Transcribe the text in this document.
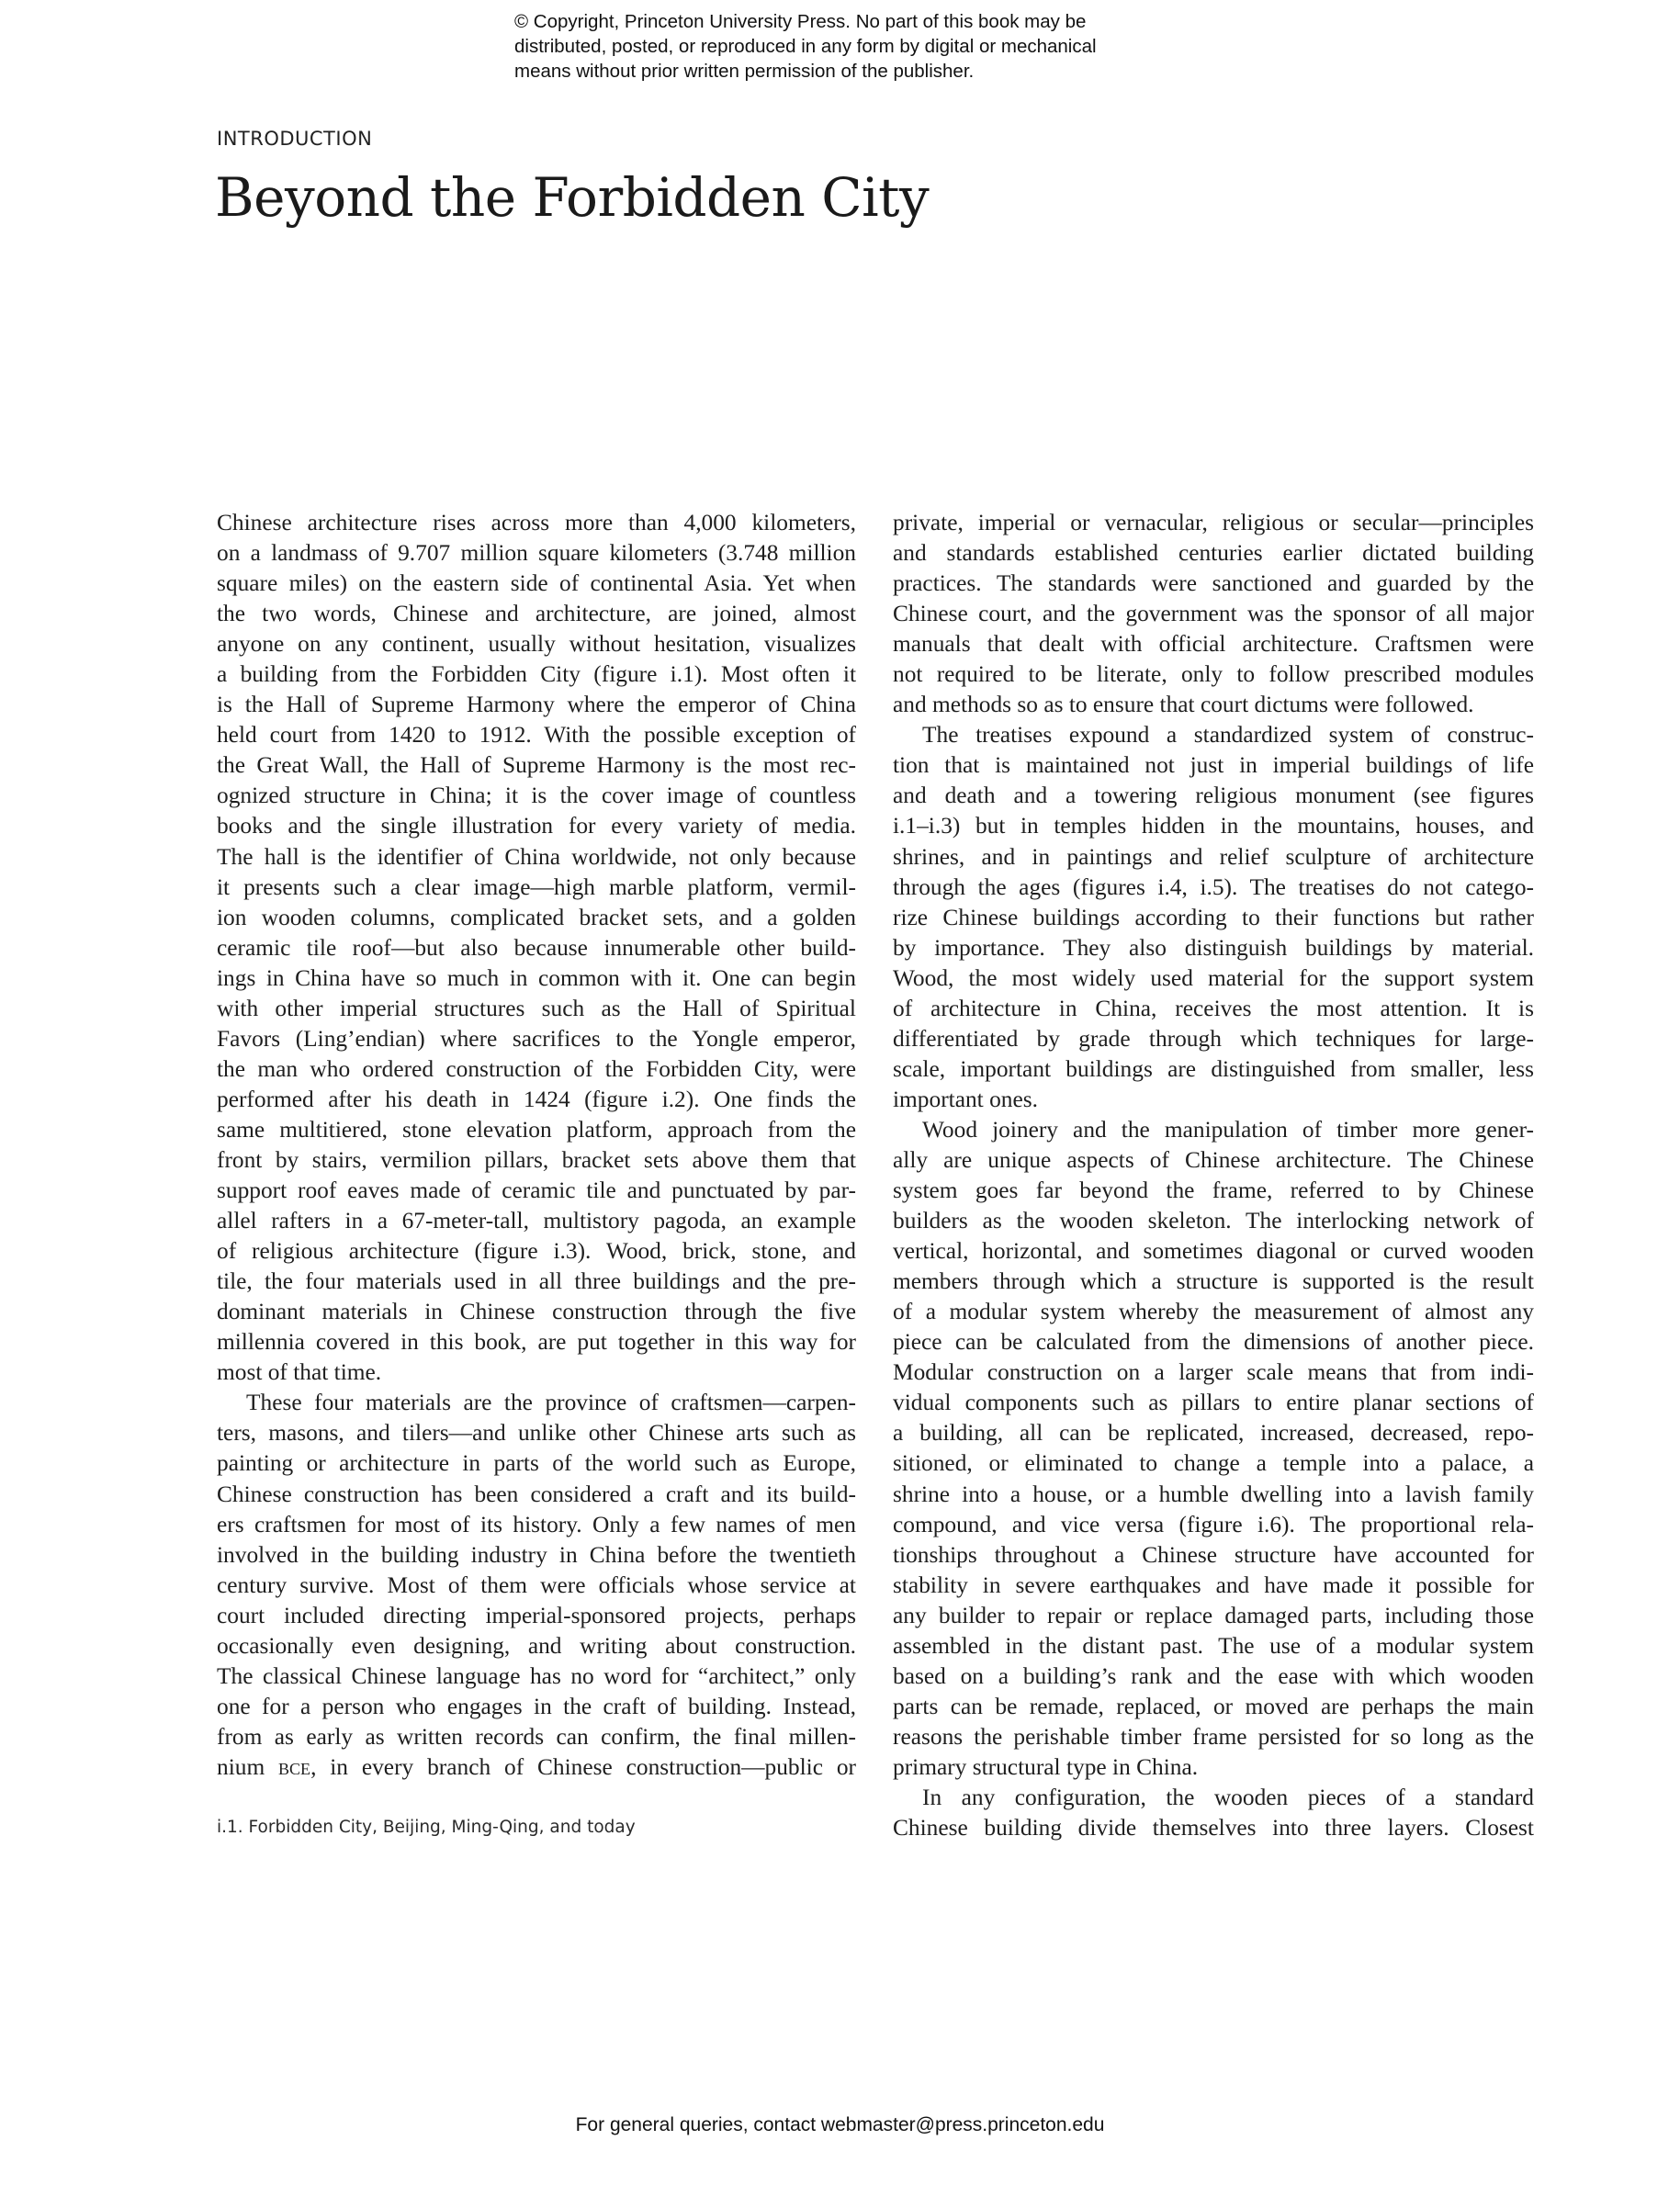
© Copyright, Princeton University Press. No part of this book may be
distributed, posted, or reproduced in any form by digital or mechanical
means without prior written permission of the publisher.

INTRODUCTION

Beyond the Forbidden City
Chinese architecture rises across more than 4,000 kilometers,
on a landmass of 9.707 million square kilometers (3.748 million
square miles) on the eastern side of continental Asia. Yet when
the two words, Chinese and architecture, are joined, almost
anyone on any continent, usually without hesitation, visualizes
a building from the Forbidden City (figure i.1). Most often it
is the Hall of Supreme Harmony where the emperor of China
held court from 1420 to 1912. With the possible exception of
the Great Wall, the Hall of Supreme Harmony is the most rec-
ognized structure in China; it is the cover image of countless
books and the single illustration for every variety of media.
The hall is the identifier of China worldwide, not only because
it presents such a clear image—high marble platform, vermil-
ion wooden columns, complicated bracket sets, and a golden
ceramic tile roof—but also because innumerable other build-
ings in China have so much in common with it. One can begin
with other imperial structures such as the Hall of Spiritual
Favors (Ling’endian) where sacrifices to the Yongle emperor,
the man who ordered construction of the Forbidden City, were
performed after his death in 1424 (figure i.2). One finds the
same multitiered, stone elevation platform, approach from the
front by stairs, vermilion pillars, bracket sets above them that
support roof eaves made of ceramic tile and punctuated by par-
allel rafters in a 67-meter-tall, multistory pagoda, an example
of religious architecture (figure i.3). Wood, brick, stone, and
tile, the four materials used in all three buildings and the pre-
dominant materials in Chinese construction through the five
millennia covered in this book, are put together in this way for
most of that time.
These four materials are the province of craftsmen—carpen-
ters, masons, and tilers—and unlike other Chinese arts such as
painting or architecture in parts of the world such as Europe,
Chinese construction has been considered a craft and its build-
ers craftsmen for most of its history. Only a few names of men
involved in the building industry in China before the twentieth
century survive. Most of them were officials whose service at
court included directing imperial-sponsored projects, perhaps
occasionally even designing, and writing about construction.
The classical Chinese language has no word for “architect,” only
one for a person who engages in the craft of building. Instead,
from as early as written records can confirm, the final millen-
nium bce, in every branch of Chinese construction—public or
private, imperial or vernacular, religious or secular—principles
and standards established centuries earlier dictated building
practices. The standards were sanctioned and guarded by the
Chinese court, and the government was the sponsor of all major
manuals that dealt with official architecture. Craftsmen were
not required to be literate, only to follow prescribed modules
and methods so as to ensure that court dictums were followed.
The treatises expound a standardized system of construc-
tion that is maintained not just in imperial buildings of life
and death and a towering religious monument (see figures
i.1–i.3) but in temples hidden in the mountains, houses, and
shrines, and in paintings and relief sculpture of architecture
through the ages (figures i.4, i.5). The treatises do not catego-
rize Chinese buildings according to their functions but rather
by importance. They also distinguish buildings by material.
Wood, the most widely used material for the support system
of architecture in China, receives the most attention. It is
differentiated by grade through which techniques for large-
scale, important buildings are distinguished from smaller, less
important ones.
Wood joinery and the manipulation of timber more gener-
ally are unique aspects of Chinese architecture. The Chinese
system goes far beyond the frame, referred to by Chinese
builders as the wooden skeleton. The interlocking network of
vertical, horizontal, and sometimes diagonal or curved wooden
members through which a structure is supported is the result
of a modular system whereby the measurement of almost any
piece can be calculated from the dimensions of another piece.
Modular construction on a larger scale means that from indi-
vidual components such as pillars to entire planar sections of
a building, all can be replicated, increased, decreased, repo-
sitioned, or eliminated to change a temple into a palace, a
shrine into a house, or a humble dwelling into a lavish family
compound, and vice versa (figure i.6). The proportional rela-
tionships throughout a Chinese structure have accounted for
stability in severe earthquakes and have made it possible for
any builder to repair or replace damaged parts, including those
assembled in the distant past. The use of a modular system
based on a building’s rank and the ease with which wooden
parts can be remade, replaced, or moved are perhaps the main
reasons the perishable timber frame persisted for so long as the
primary structural type in China.
In any configuration, the wooden pieces of a standard
Chinese building divide themselves into three layers. Closest

i.1. Forbidden City, Beijing, Ming-Qing, and today

For general queries, contact webmaster@press.princeton.edu
